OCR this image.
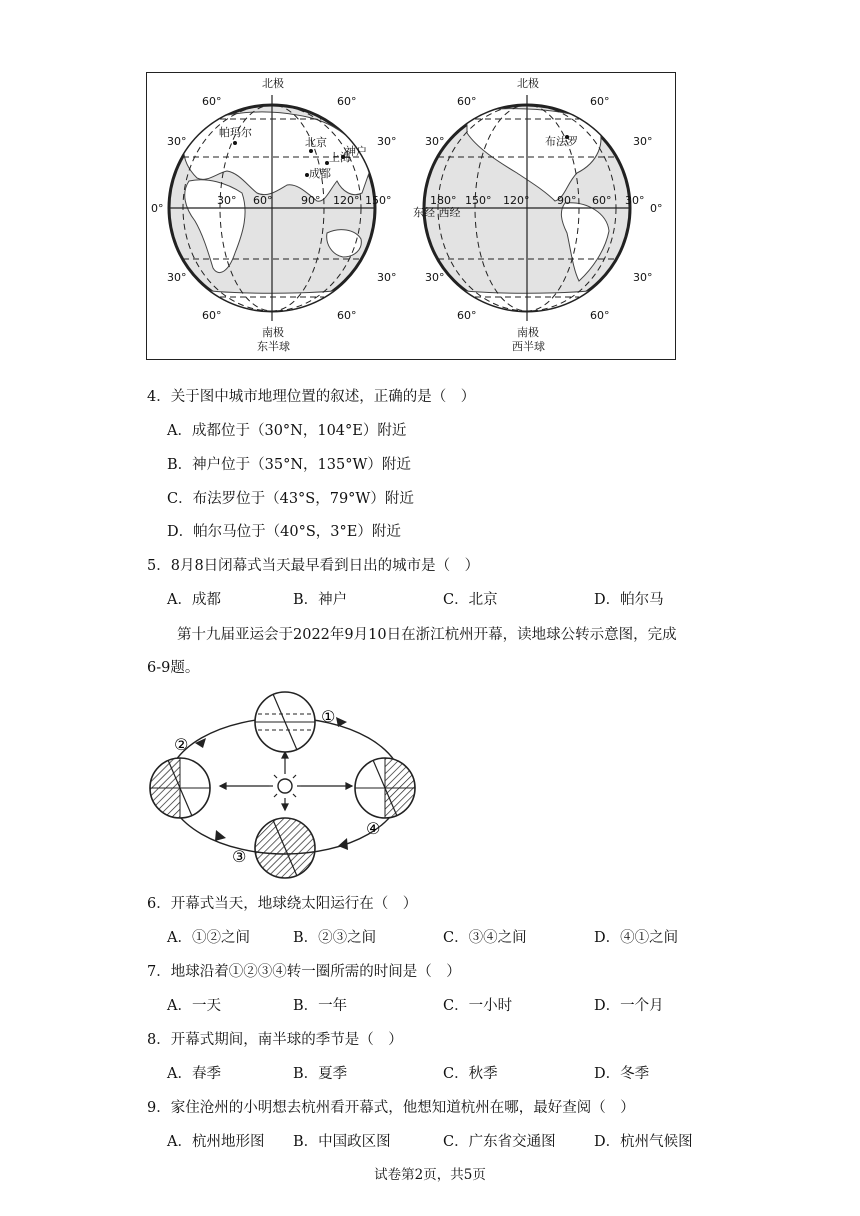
北极
南极
东半球
60°
30°
0°
30°
60°
60°
30°
30°
60°
30° 60°	90° 120° 150°
帕玛尔
北京
上海
神户
成都
北极
南极
西半球
60°
30°
30°
60°
60°
30°
0°
30°
60°
180° 150° 120°	90° 60° 30°
布法罗
东经 西经
4．关于图中城市地理位置的叙述，正确的是（　）
A．成都位于（30°N，104°E）附近
B．神户位于（35°N，135°W）附近
C．布法罗位于（43°S，79°W）附近
D．帕尔马位于（40°S，3°E）附近
5．8月8日闭幕式当天最早看到日出的城市是（　）
A．成都	B．神户	C．北京	D．帕尔马
第十九届亚运会于2022年9月10日在浙江杭州开幕，读地球公转示意图，完成
6-9题。
①
②
③
④
6．开幕式当天，地球绕太阳运行在（　）
A．①②之间	B．②③之间	C．③④之间	D．④①之间
7．地球沿着①②③④转一圈所需的时间是（　）
A．一天	B．一年	C．一小时	D．一个月
8．开幕式期间，南半球的季节是（　）
A．春季	B．夏季	C．秋季	D．冬季
9．家住沧州的小明想去杭州看开幕式，他想知道杭州在哪，最好查阅（　）
A．杭州地形图 B．中国政区图	C．广东省交通图	D．杭州气候图
试卷第2页，共5页
